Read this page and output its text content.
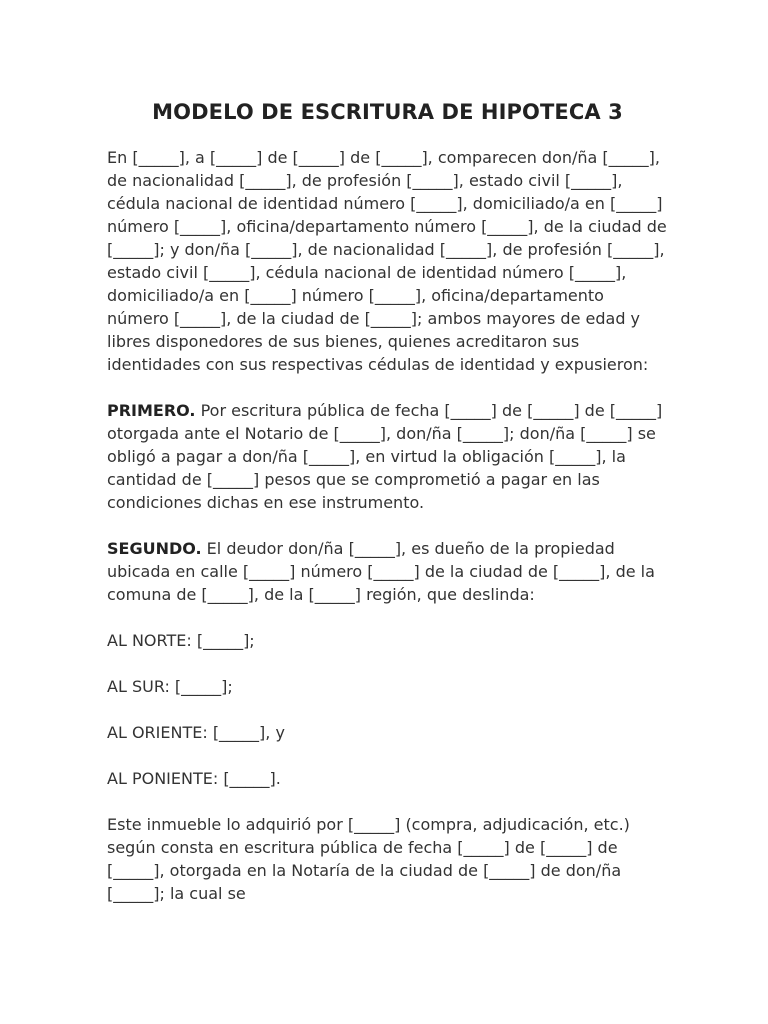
MODELO DE ESCRITURA DE HIPOTECA 3

En [_____], a [_____] de [_____] de [_____], comparecen don/ña [_____], de nacionalidad [_____], de profesión [_____], estado civil [_____], cédula nacional de identidad número [_____], domiciliado/a en [_____] número [_____], oficina/departamento número [_____], de la ciudad de [_____]; y don/ña [_____], de nacionalidad [_____], de profesión [_____], estado civil [_____], cédula nacional de identidad número [_____], domiciliado/a en [_____] número [_____], oficina/departamento número [_____], de la ciudad de [_____]; ambos mayores de edad y libres disponedores de sus bienes, quienes acreditaron sus identidades con sus respectivas cédulas de identidad y expusieron:

PRIMERO. Por escritura pública de fecha [_____] de [_____] de [_____] otorgada ante el Notario de [_____], don/ña [_____]; don/ña [_____] se obligó a pagar a don/ña [_____], en virtud la obligación [_____], la cantidad de [_____] pesos que se comprometió a pagar en las condiciones dichas en ese instrumento.

SEGUNDO. El deudor don/ña [_____], es dueño de la propiedad ubicada en calle [_____] número [_____] de la ciudad de [_____], de la comuna de [_____], de la [_____] región, que deslinda:

AL NORTE: [_____];

AL SUR: [_____];

AL ORIENTE: [_____], y

AL PONIENTE: [_____].

Este inmueble lo adquirió por [_____] (compra, adjudicación, etc.) según consta en escritura pública de fecha [_____] de [_____] de [_____], otorgada en la Notaría de la ciudad de [_____] de don/ña [_____]; la cual se
